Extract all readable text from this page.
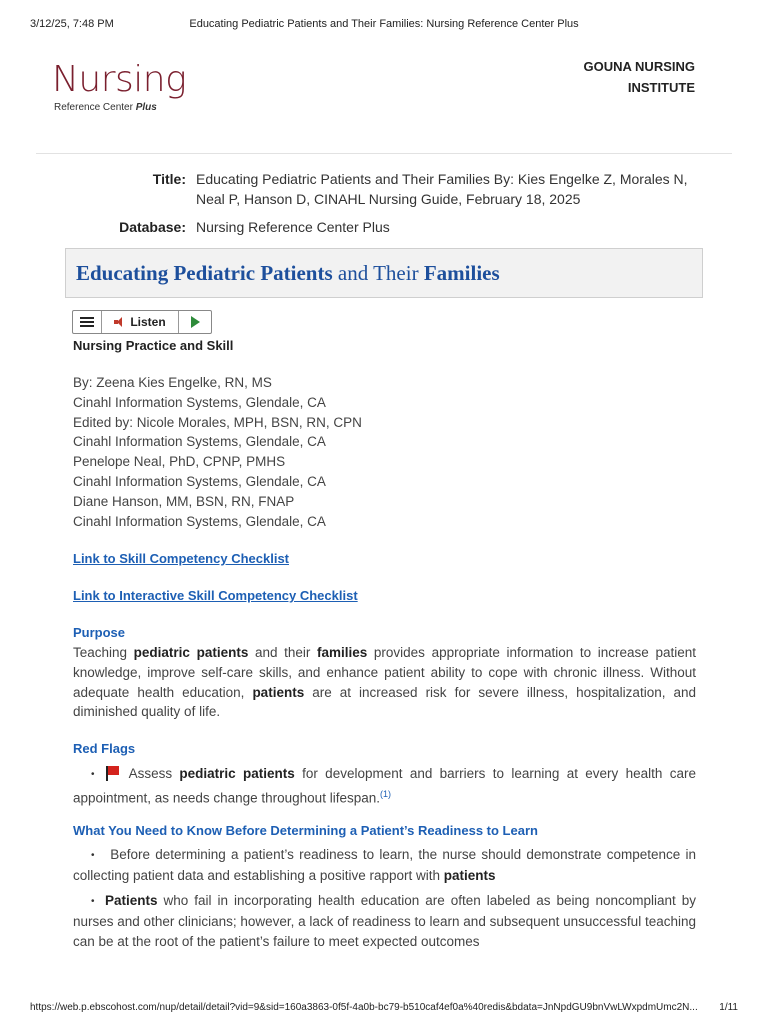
3/12/25, 7:48 PM	Educating Pediatric Patients and Their Families: Nursing Reference Center Plus
Nursing
Reference Center Plus
GOUNA NURSING
INSTITUTE
Title: Educating Pediatric Patients and Their Families By: Kies Engelke Z, Morales N, Neal P, Hanson D, CINAHL Nursing Guide, February 18, 2025
Database: Nursing Reference Center Plus
Educating Pediatric Patients and Their Families
Listen
Nursing Practice and Skill
By: Zeena Kies Engelke, RN, MS
Cinahl Information Systems, Glendale, CA
Edited by: Nicole Morales, MPH, BSN, RN, CPN
Cinahl Information Systems, Glendale, CA
Penelope Neal, PhD, CPNP, PMHS
Cinahl Information Systems, Glendale, CA
Diane Hanson, MM, BSN, RN, FNAP
Cinahl Information Systems, Glendale, CA
Link to Skill Competency Checklist
Link to Interactive Skill Competency Checklist
Purpose
Teaching pediatric patients and their families provides appropriate information to increase patient knowledge, improve self-care skills, and enhance patient ability to cope with chronic illness. Without adequate health education, patients are at increased risk for severe illness, hospitalization, and diminished quality of life.
Red Flags
• Assess pediatric patients for development and barriers to learning at every health care appointment, as needs change throughout lifespan.$^{(1)}$
What You Need to Know Before Determining a Patient’s Readiness to Learn
• Before determining a patient’s readiness to learn, the nurse should demonstrate competence in collecting patient data and establishing a positive rapport with patients
• Patients who fail in incorporating health education are often labeled as being noncompliant by nurses and other clinicians; however, a lack of readiness to learn and subsequent unsuccessful teaching can be at the root of the patient’s failure to meet expected outcomes
https://web.p.ebscohost.com/nup/detail/detail?vid=9&sid=160a3863-0f5f-4a0b-bc79-b510caf4ef0a%40redis&bdata=JnNpdGU9bnVwLWxpdmUmc2N...	1/11
